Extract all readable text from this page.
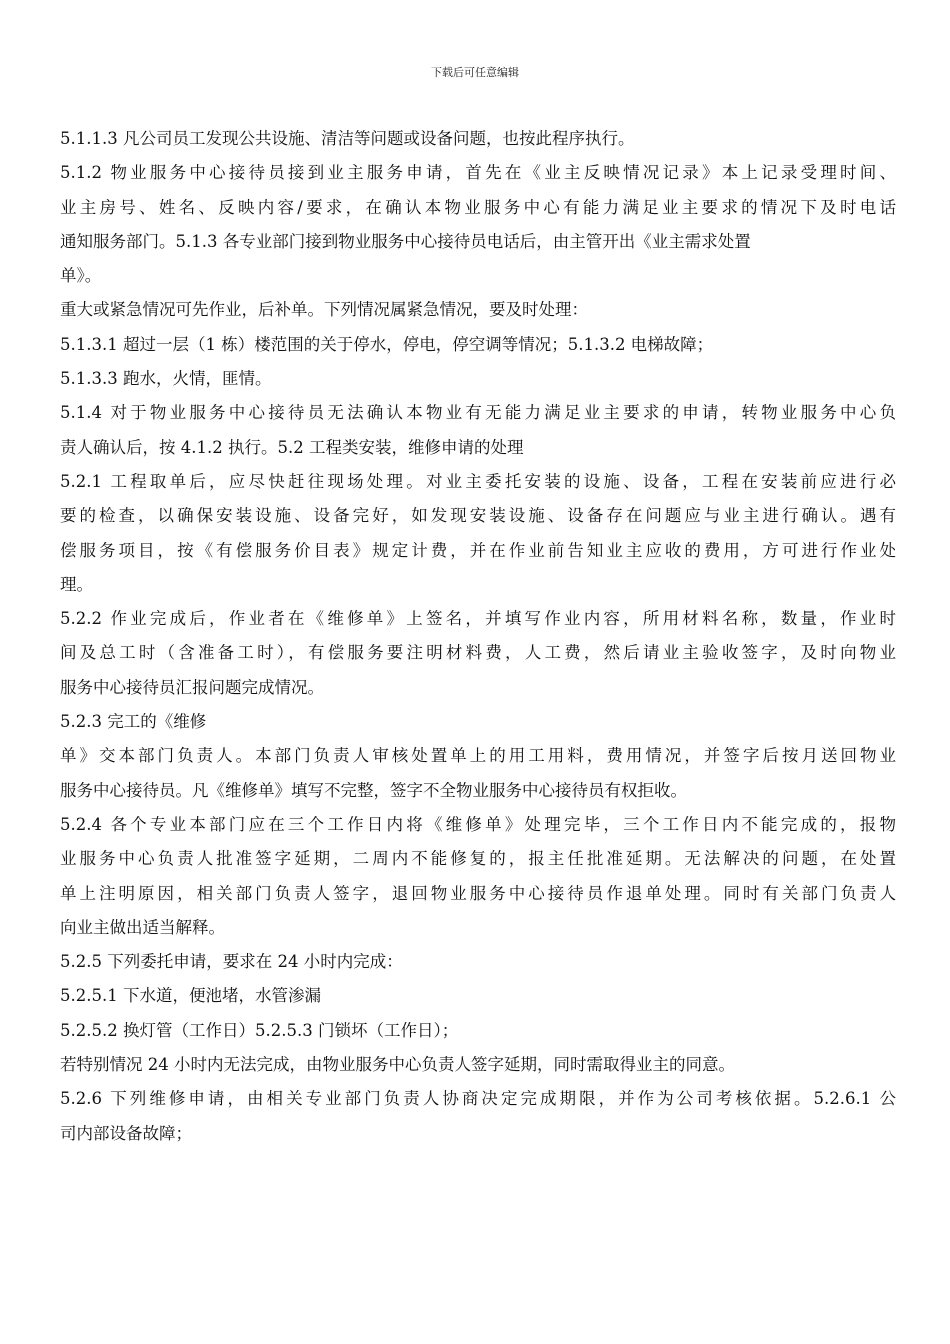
下载后可任意编辑
5.1.1.3 凡公司员工发现公共设施、清洁等问题或设备问题，也按此程序执行。
5.1.2 物业服务中心接待员接到业主服务申请，首先在《业主反映情况记录》本上记录受理时间、
业主房号、姓名、反映内容/要求，在确认本物业服务中心有能力满足业主要求的情况下及时电话
通知服务部门。5.1.3 各专业部门接到物业服务中心接待员电话后，由主管开出《业主需求处置
单》。
重大或紧急情况可先作业，后补单。下列情况属紧急情况，要及时处理：
5.1.3.1 超过一层（1 栋）楼范围的关于停水，停电，停空调等情况；5.1.3.2 电梯故障；
5.1.3.3 跑水，火情，匪情。
5.1.4 对于物业服务中心接待员无法确认本物业有无能力满足业主要求的申请，转物业服务中心负
责人确认后，按 4.1.2 执行。5.2 工程类安装，维修申请的处理
5.2.1 工程取单后，应尽快赶往现场处理。对业主委托安装的设施、设备，工程在安装前应进行必
要的检查，以确保安装设施、设备完好，如发现安装设施、设备存在问题应与业主进行确认。遇有
偿服务项目，按《有偿服务价目表》规定计费，并在作业前告知业主应收的费用，方可进行作业处
理。
5.2.2 作业完成后，作业者在《维修单》上签名，并填写作业内容，所用材料名称，数量，作业时
间及总工时（含准备工时），有偿服务要注明材料费，人工费，然后请业主验收签字，及时向物业
服务中心接待员汇报问题完成情况。
5.2.3 完工的《维修
单》交本部门负责人。本部门负责人审核处置单上的用工用料，费用情况，并签字后按月送回物业
服务中心接待员。凡《维修单》填写不完整，签字不全物业服务中心接待员有权拒收。
5.2.4 各个专业本部门应在三个工作日内将《维修单》处理完毕，三个工作日内不能完成的，报物
业服务中心负责人批准签字延期，二周内不能修复的，报主任批准延期。无法解决的问题，在处置
单上注明原因，相关部门负责人签字，退回物业服务中心接待员作退单处理。同时有关部门负责人
向业主做出适当解释。
5.2.5 下列委托申请，要求在 24 小时内完成：
5.2.5.1 下水道，便池堵，水管渗漏
5.2.5.2 换灯管（工作日）5.2.5.3 门锁坏（工作日）；
若特别情况 24 小时内无法完成，由物业服务中心负责人签字延期，同时需取得业主的同意。
5.2.6 下列维修申请，由相关专业部门负责人协商决定完成期限，并作为公司考核依据。5.2.6.1 公
司内部设备故障；
